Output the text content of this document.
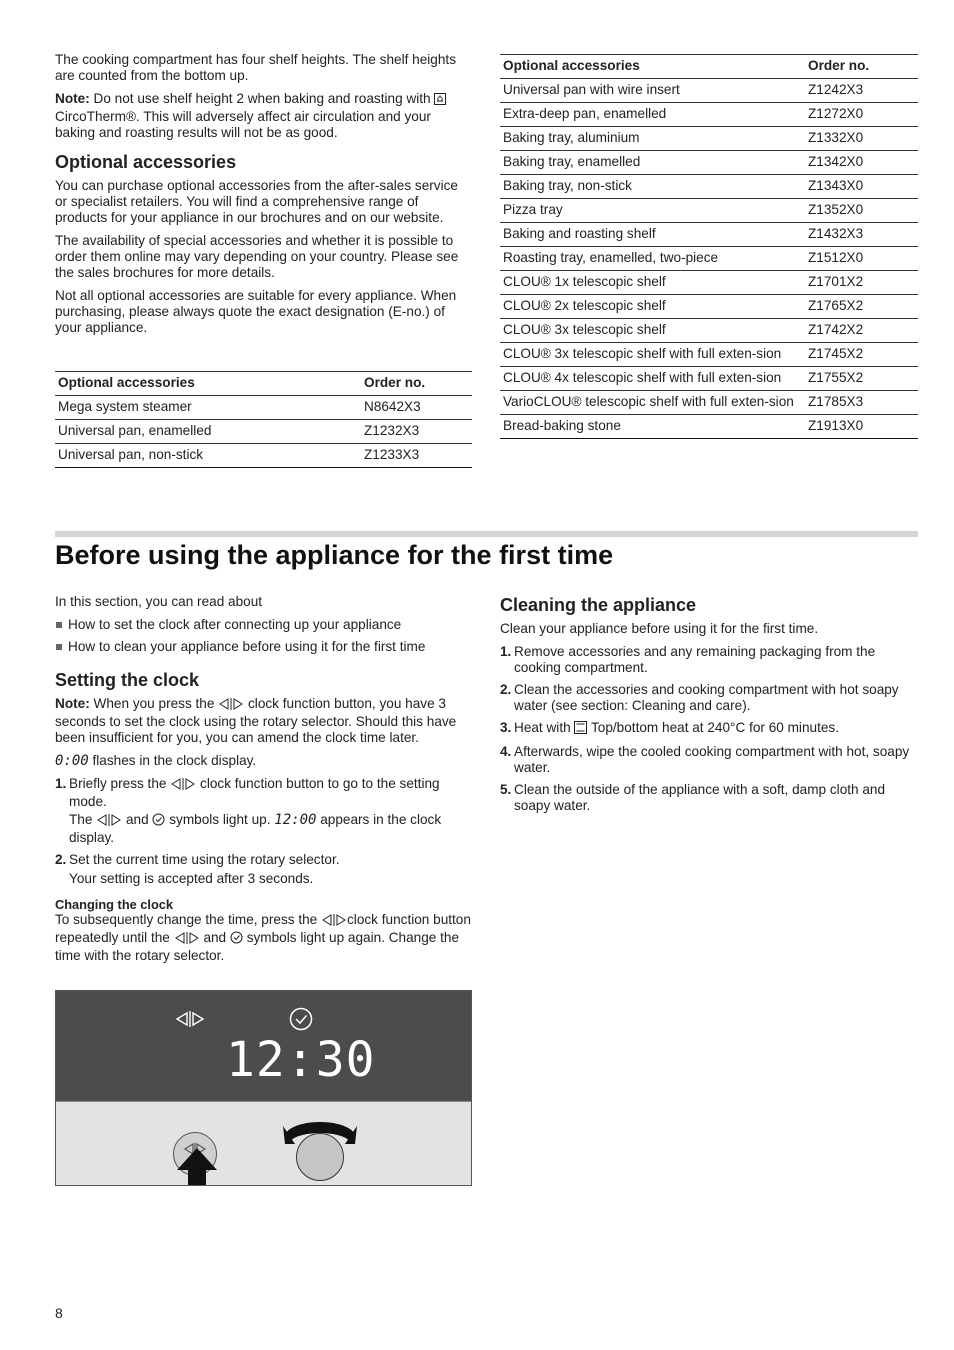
The cooking compartment has four shelf heights. The shelf heights are counted from the bottom up.

Note: Do not use shelf height 2 when baking and roasting with  CircoTherm®. This will adversely affect air circulation and your baking and roasting results will not be as good.

Optional accessories

You can purchase optional accessories from the after-sales service or specialist retailers. You will find a comprehensive range of products for your appliance in our brochures and on our website.

The availability of special accessories and whether it is possible to order them online may vary depending on your country. Please see the sales brochures for more details.

Not all optional accessories are suitable for every appliance. When purchasing, please always quote the exact designation (E-no.) of your appliance.

Optional accessories	Order no.
Mega system steamer	N8642X3
Universal pan, enamelled	Z1232X3
Universal pan, non-stick	Z1233X3
Optional accessories	Order no.
Universal pan with wire insert	Z1242X3
Extra-deep pan, enamelled	Z1272X0
Baking tray, aluminium	Z1332X0
Baking tray, enamelled	Z1342X0
Baking tray, non-stick	Z1343X0
Pizza tray	Z1352X0
Baking and roasting shelf	Z1432X3
Roasting tray, enamelled, two-piece	Z1512X0
CLOU® 1x telescopic shelf	Z1701X2
CLOU® 2x telescopic shelf	Z1765X2
CLOU® 3x telescopic shelf	Z1742X2
CLOU® 3x telescopic shelf with full exten-sion	Z1745X2
CLOU® 4x telescopic shelf with full exten-sion	Z1755X2
VarioCLOU® telescopic shelf with full exten-sion	Z1785X3
Bread-baking stone	Z1913X0
Before using the appliance for the first time

In this section, you can read about

How to set the clock after connecting up your appliance
How to clean your appliance before using it for the first time
Setting the clock

Note: When you press the clock function button, you have 3 seconds to set the clock using the rotary selector. Should this have been insufficient for you, you can amend the clock time later.

0:00 flashes in the clock display.

1. Briefly press the clock function button to go to the setting mode.
The and symbols light up. 12:00 appears in the clock display.
2. Set the current time using the rotary selector.
Your setting is accepted after 3 seconds.
Changing the clock

To subsequently change the time, press the clock function button repeatedly until the and symbols light up again. Change the time with the rotary selector.

12:30
Cleaning the appliance

Clean your appliance before using it for the first time.

1. Remove accessories and any remaining packaging from the cooking compartment.
2. Clean the accessories and cooking compartment with hot soapy water (see section: Cleaning and care).
3. Heat with Top/bottom heat at 240°C for 60 minutes.
4. Afterwards, wipe the cooled cooking compartment with hot, soapy water.
5. Clean the outside of the appliance with a soft, damp cloth and soapy water.
8
